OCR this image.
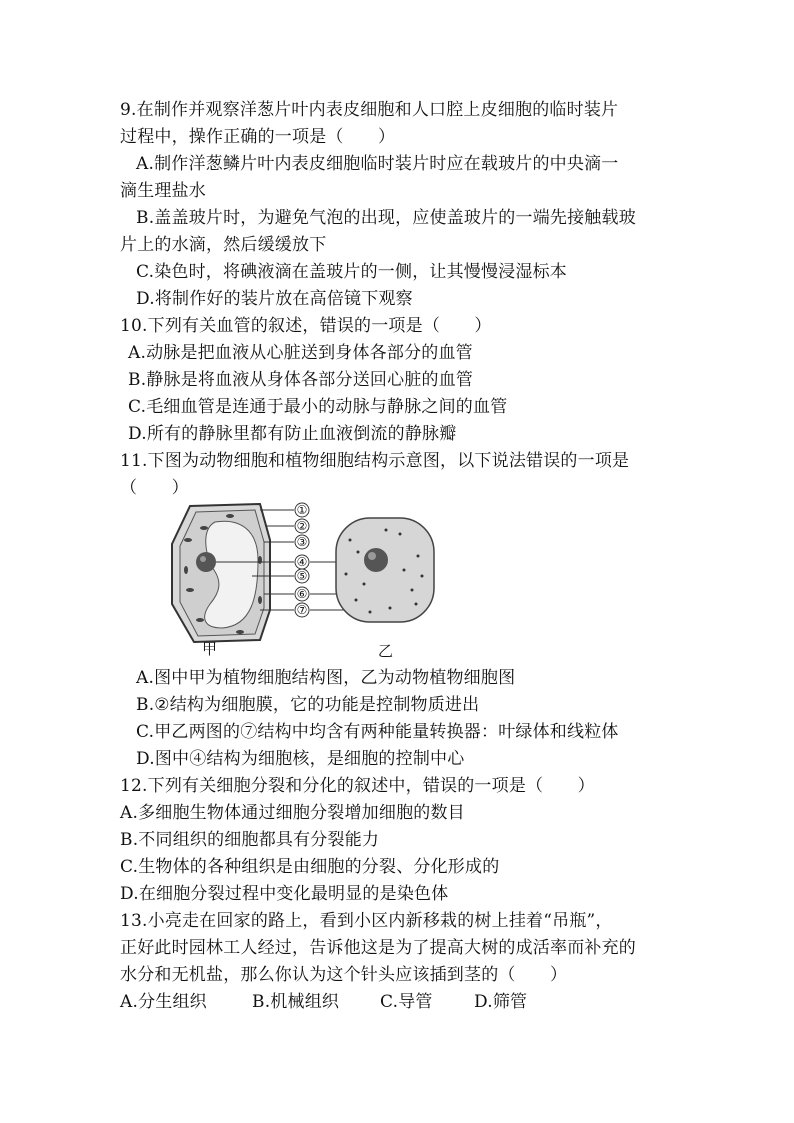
9.在制作并观察洋葱片叶内表皮细胞和人口腔上皮细胞的临时装片
过程中，操作正确的一项是（　　）
A.制作洋葱鳞片叶内表皮细胞临时装片时应在载玻片的中央滴一
滴生理盐水
B.盖盖玻片时，为避免气泡的出现，应使盖玻片的一端先接触载玻
片上的水滴，然后缓缓放下
C.染色时，将碘液滴在盖玻片的一侧，让其慢慢浸湿标本
D.将制作好的装片放在高倍镜下观察
10.下列有关血管的叙述，错误的一项是（　　）
A.动脉是把血液从心脏送到身体各部分的血管
B.静脉是将血液从身体各部分送回心脏的血管
C.毛细血管是连通于最小的动脉与静脉之间的血管
D.所有的静脉里都有防止血液倒流的静脉瓣
11.下图为动物细胞和植物细胞结构示意图，以下说法错误的一项是
（　　）
①
②
③
④
⑤
⑥
⑦
甲	乙
A.图中甲为植物细胞结构图，乙为动物植物细胞图
B.②结构为细胞膜，它的功能是控制物质进出
C.甲乙两图的⑦结构中均含有两种能量转换器：叶绿体和线粒体
D.图中④结构为细胞核，是细胞的控制中心
12.下列有关细胞分裂和分化的叙述中，错误的一项是（　　）
A.多细胞生物体通过细胞分裂增加细胞的数目
B.不同组织的细胞都具有分裂能力
C.生物体的各种组织是由细胞的分裂、分化形成的
D.在细胞分裂过程中变化最明显的是染色体
13.小亮走在回家的路上，看到小区内新移栽的树上挂着“吊瓶”，
正好此时园林工人经过，告诉他这是为了提高大树的成活率而补充的
水分和无机盐，那么你认为这个针头应该插到茎的（　　）
A.分生组织	B.机械组织 C.导管 D.筛管
